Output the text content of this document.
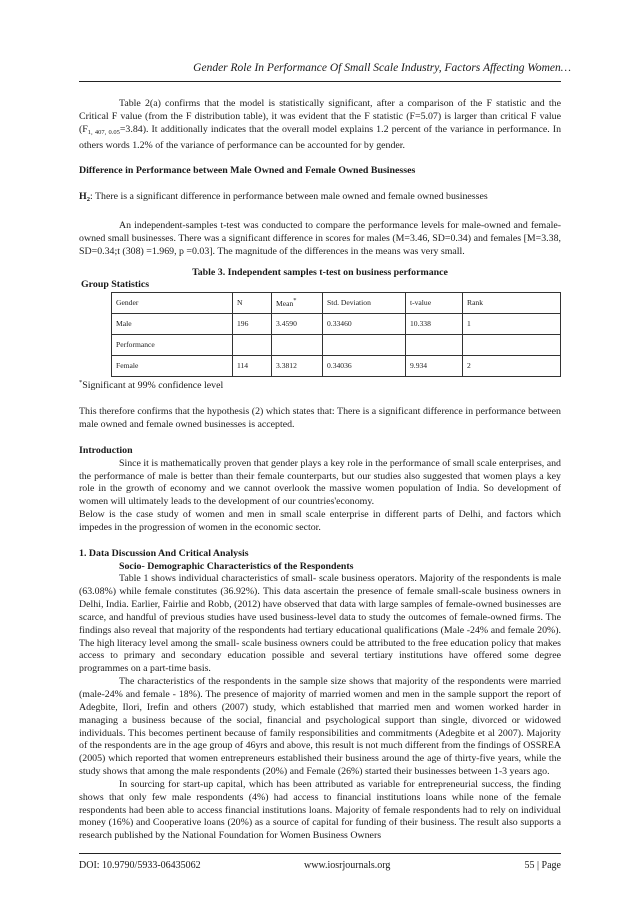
Gender Role In Performance Of Small Scale Industry, Factors Affecting Women…

Table 2(a) confirms that the model is statistically significant, after a comparison of the F statistic and the Critical F value (from the F distribution table), it was evident that the F statistic (F=5.07) is larger than critical F value $(F_{1, 407, 0.05}=3.84)$. It additionally indicates that the overall model explains 1.2 percent of the variance in performance. In others words 1.2% of the variance of performance can be accounted for by gender.

Difference in Performance between Male Owned and Female Owned Businesses

$H_2$: There is a significant difference in performance between male owned and female owned businesses

An independent-samples t-test was conducted to compare the performance levels for male-owned and female-owned small businesses. There was a significant difference in scores for males (M=3.46, SD=0.34) and females [M=3.38, SD=0.34;t (308) =1.969, p =0.03]. The magnitude of the differences in the means was very small.

Table 3. Independent samples t-test on business performance

Group Statistics

Gender	N	Mean*	Std. Deviation	t-value	Rank
Male	196	3.4590	0.33460	10.338	1
Performance					
Female	114	3.3812	0.34036	9.934	2

*Significant at 99% confidence level

This therefore confirms that the hypothesis (2) which states that: There is a significant difference in performance between male owned and female owned businesses is accepted.

Introduction

Since it is mathematically proven that gender plays a key role in the performance of small scale enterprises, and the performance of male is better than their female counterparts, but our studies also suggested that women plays a key role in the growth of economy and we cannot overlook the massive women population of India. So development of women will ultimately leads to the development of our countries'economy.

Below is the case study of women and men in small scale enterprise in different parts of Delhi, and factors which impedes in the progression of women in the economic sector.

1. Data Discussion And Critical Analysis

Socio- Demographic Characteristics of the Respondents

Table 1 shows individual characteristics of small- scale business operators. Majority of the respondents is male (63.08%) while female constitutes (36.92%). This data ascertain the presence of female small-scale business owners in Delhi, India. Earlier, Fairlie and Robb, (2012) have observed that data with large samples of female-owned businesses are scarce, and handful of previous studies have used business-level data to study the outcomes of female-owned firms. The findings also reveal that majority of the respondents had tertiary educational qualifications (Male -24% and female 20%). The high literacy level among the small- scale business owners could be attributed to the free education policy that makes access to primary and secondary education possible and several tertiary institutions have offered some degree programmes on a part-time basis.

The characteristics of the respondents in the sample size shows that majority of the respondents were married (male-24% and female - 18%). The presence of majority of married women and men in the sample support the report of Adegbite, Ilori, Irefin and others (2007) study, which established that married men and women worked harder in managing a business because of the social, financial and psychological support than single, divorced or widowed individuals. This becomes pertinent because of family responsibilities and commitments (Adegbite et al 2007). Majority of the respondents are in the age group of 46yrs and above, this result is not much different from the findings of OSSREA (2005) which reported that women entrepreneurs established their business around the age of thirty-five years, while the study shows that among the male respondents (20%) and Female (26%) started their businesses between 1-3 years ago.

In sourcing for start-up capital, which has been attributed as variable for entrepreneurial success, the finding shows that only few male respondents (4%) had access to financial institutions loans while none of the female respondents had been able to access financial institutions loans. Majority of female respondents had to rely on individual money (16%) and Cooperative loans (20%) as a source of capital for funding of their business. The result also supports a research published by the National Foundation for Women Business Owners

DOI: 10.9790/5933-06435062	www.iosrjournals.org	55 | Page
